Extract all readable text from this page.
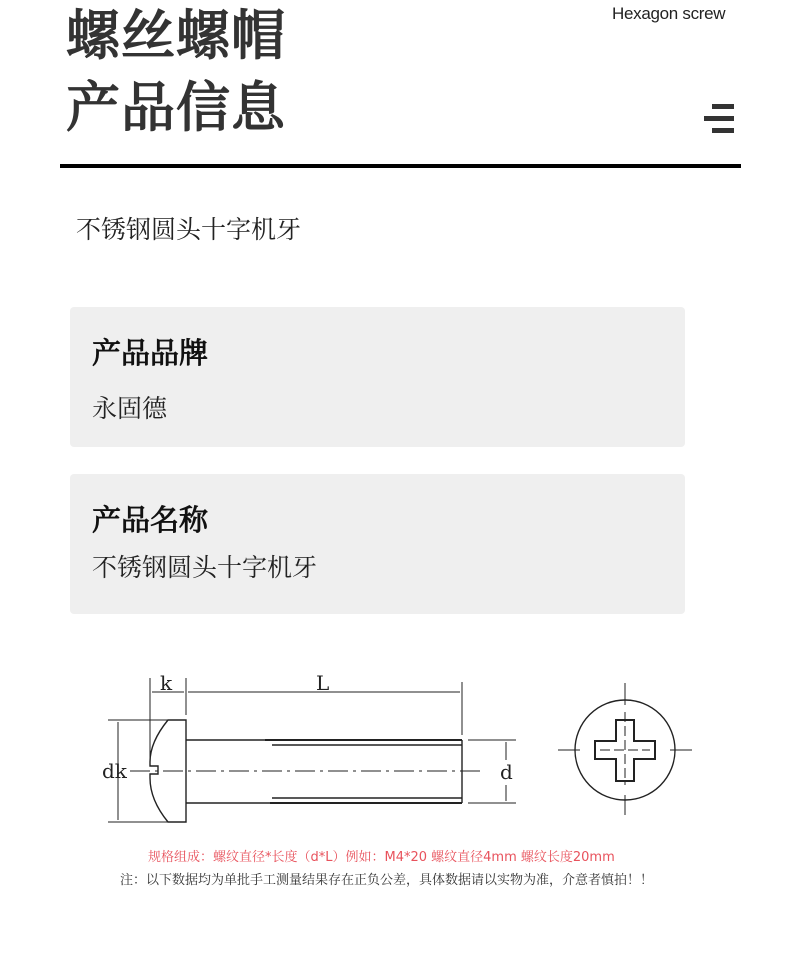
Hexagon screw
螺丝螺帽
产品信息
不锈钢圆头十字机牙
产品品牌
永固德
产品名称
不锈钢圆头十字机牙
k	L
dk	d
规格组成：螺纹直径*长度（d*L）例如：M4*20 螺纹直径4mm 螺纹长度20mm
注：以下数据均为单批手工测量结果存在正负公差，具体数据请以实物为准，介意者慎拍！！
